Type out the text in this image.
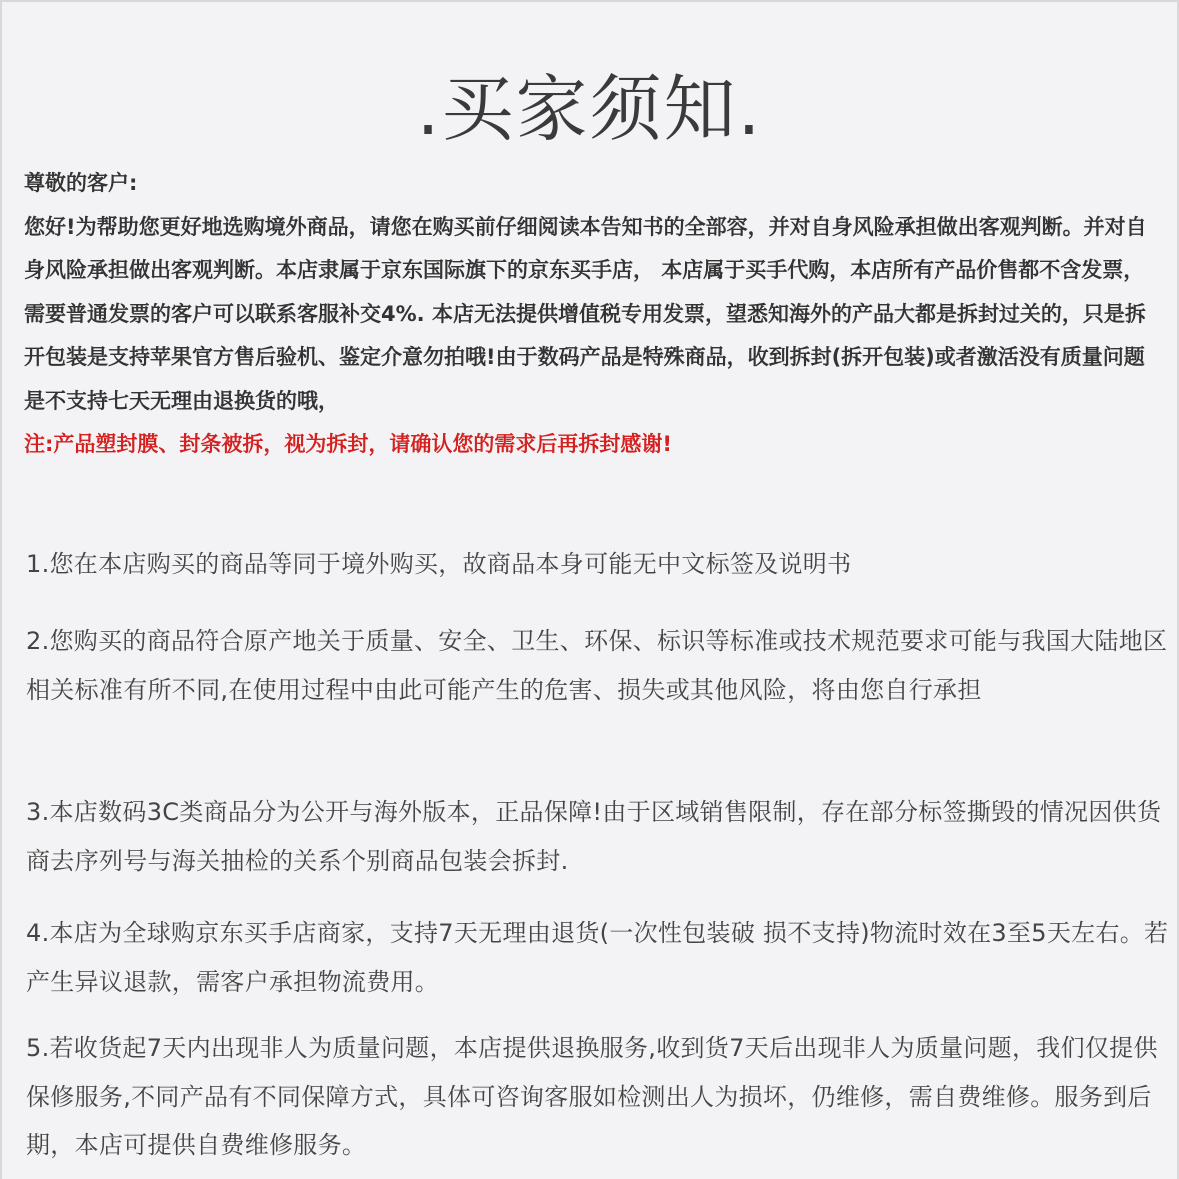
.买家须知.

尊敬的客户:

您好!为帮助您更好地选购境外商品，请您在购买前仔细阅读本告知书的全部容，并对自身风险承担做出客观判断。并对自身风险承担做出客观判断。本店隶属于京东国际旗下的京东买手店， 本店属于买手代购，本店所有产品价售都不含发票，需要普通发票的客户可以联系客服补交4%. 本店无法提供增值税专用发票，望悉知海外的产品大都是拆封过关的，只是拆开包装是支持苹果官方售后验机、鉴定介意勿拍哦!由于数码产品是特殊商品，收到拆封(拆开包装)或者激活没有质量问题是不支持七天无理由退换货的哦，

注:产品塑封膜、封条被拆，视为拆封，请确认您的需求后再拆封感谢!

1.您在本店购买的商品等同于境外购买，故商品本身可能无中文标签及说明书
2.您购买的商品符合原产地关于质量、安全、卫生、环保、标识等标准或技术规范要求可能与我国大陆地区相关标准有所不同,在使用过程中由此可能产生的危害、损失或其他风险，将由您自行承担
3.本店数码3C类商品分为公开与海外版本，正品保障!由于区域销售限制，存在部分标签撕毁的情况因供货商去序列号与海关抽检的关系个别商品包装会拆封.
4.本店为全球购京东买手店商家，支持7天无理由退货(一次性包装破 损不支持)物流时效在3至5天左右。若产生异议退款，需客户承担物流费用。
5.若收货起7天内出现非人为质量问题，本店提供退换服务,收到货7天后出现非人为质量问题，我们仅提供保修服务,不同产品有不同保障方式，具体可咨询客服如检测出人为损坏，仍维修，需自费维修。服务到后期，本店可提供自费维修服务。
